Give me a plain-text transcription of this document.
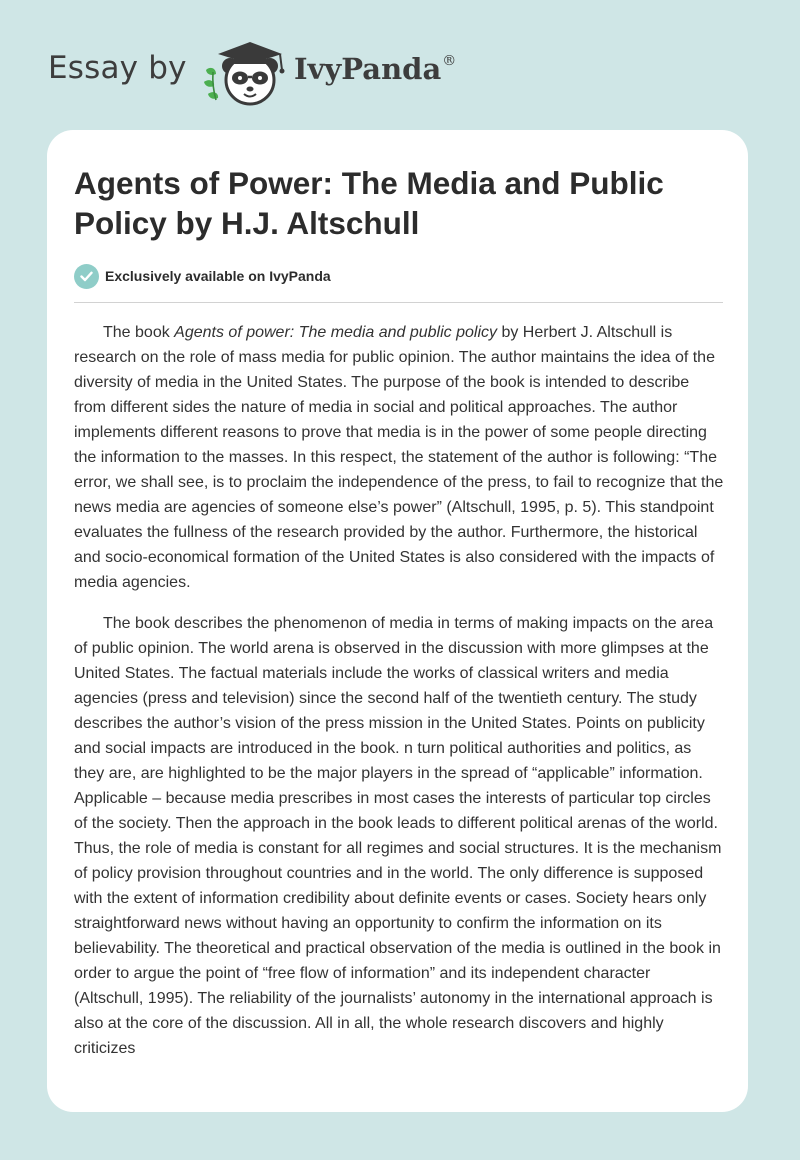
Essay by	IvyPanda®
Agents of Power: The Media and Public Policy by H.J. Altschull
Exclusively available on IvyPanda

The book Agents of power: The media and public policy by Herbert J. Altschull is research on the role of mass media for public opinion. The author maintains the idea of the diversity of media in the United States. The purpose of the book is intended to describe from different sides the nature of media in social and political approaches. The author implements different reasons to prove that media is in the power of some people directing the information to the masses. In this respect, the statement of the author is following: “The error, we shall see, is to proclaim the independence of the press, to fail to recognize that the news media are agencies of someone else’s power” (Altschull, 1995, p. 5). This standpoint evaluates the fullness of the research provided by the author. Furthermore, the historical and socio-economical formation of the United States is also considered with the impacts of media agencies.

The book describes the phenomenon of media in terms of making impacts on the area of public opinion. The world arena is observed in the discussion with more glimpses at the United States. The factual materials include the works of classical writers and media agencies (press and television) since the second half of the twentieth century. The study describes the author’s vision of the press mission in the United States. Points on publicity and social impacts are introduced in the book. n turn political authorities and politics, as they are, are highlighted to be the major players in the spread of “applicable” information. Applicable – because media prescribes in most cases the interests of particular top circles of the society. Then the approach in the book leads to different political arenas of the world. Thus, the role of media is constant for all regimes and social structures. It is the mechanism of policy provision throughout countries and in the world. The only difference is supposed with the extent of information credibility about definite events or cases. Society hears only straightforward news without having an opportunity to confirm the information on its believability. The theoretical and practical observation of the media is outlined in the book in order to argue the point of “free flow of information” and its independent character (Altschull, 1995). The reliability of the journalists’ autonomy in the international approach is also at the core of the discussion. All in all, the whole research discovers and highly criticizes
